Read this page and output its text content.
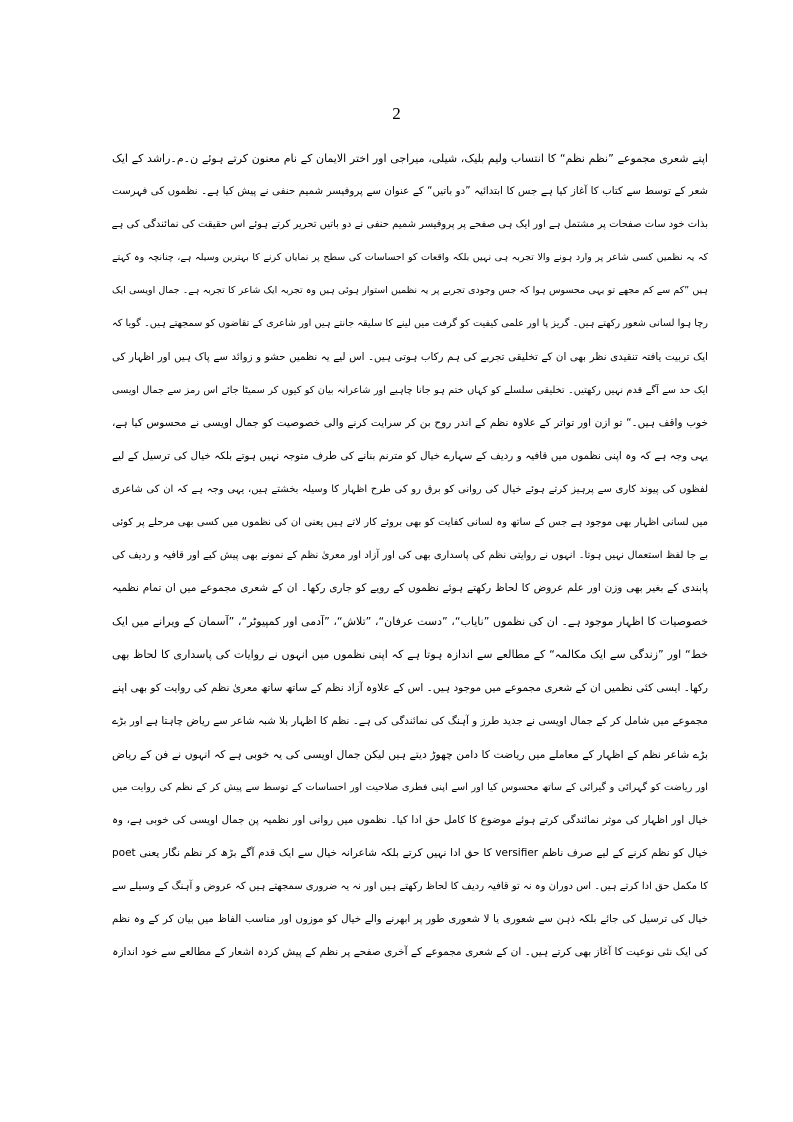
2
اپنے شعری مجموعے ”نظم نظم“ کا انتساب ولیم بلیک، شیلی، میراجی اور اختر الایمان کے نام معنون کرتے ہوئے ن۔م۔راشد کے ایک
شعر کے توسط سے کتاب کا آغاز کیا ہے جس کا ابتدائیہ ”دو باتیں“ کے عنوان سے پروفیسر شمیم حنفی نے پیش کیا ہے۔ نظموں کی فہرست
بذات خود سات صفحات پر مشتمل ہے اور ایک ہی صفحے پر پروفیسر شمیم حنفی نے دو باتیں تحریر کرتے ہوئے اس حقیقت کی نمائندگی کی ہے
کہ یہ نظمیں کسی شاعر پر وارد ہونے والا تجربہ ہی نہیں بلکہ واقعات کو احساسات کی سطح پر نمایاں کرنے کا بہترین وسیلہ ہے، چنانچہ وہ کہتے
ہیں ”کم سے کم مجھے تو یہی محسوس ہوا کہ جس وجودی تجربے پر یہ نظمیں استوار ہوئی ہیں وہ تجربہ ایک شاعر کا تجربہ ہے۔ جمال اویسی ایک
رچا ہوا لسانی شعور رکھتے ہیں۔ گریز پا اور علمی کیفیت کو گرفت میں لینے کا سلیقہ جانتے ہیں اور شاعری کے تقاضوں کو سمجھتے ہیں۔ گویا کہ
ایک تربیت یافتہ تنقیدی نظر بھی ان کے تخلیقی تجربے کی ہم رکاب ہوتی ہیں۔ اس لیے یہ نظمیں حشو و زوائد سے پاک ہیں اور اظہار کی
ایک حد سے آگے قدم نہیں رکھتیں۔ تخلیقی سلسلے کو کہاں ختم ہو جانا چاہیے اور شاعرانہ بیان کو کیوں کر سمیٹا جائے اس رمز سے جمال اویسی
خوب واقف ہیں۔“ تو ازن اور تواتر کے علاوہ نظم کے اندر روح بن کر سرایت کرنے والی خصوصیت کو جمال اویسی نے محسوس کیا ہے،
یہی وجہ ہے کہ وہ اپنی نظموں میں قافیہ و ردیف کے سہارے خیال کو مترنم بنانے کی طرف متوجہ نہیں ہوتے بلکہ خیال کی ترسیل کے لیے
لفظوں کی پیوند کاری سے پرہیز کرتے ہوئے خیال کی روانی کو برق رو کی طرح اظہار کا وسیلہ بخشتے ہیں، یہی وجہ ہے کہ ان کی شاعری
میں لسانی اظہار بھی موجود ہے جس کے ساتھ وہ لسانی کفایت کو بھی بروئے کار لاتے ہیں یعنی ان کی نظموں میں کسی بھی مرحلے پر کوئی
بے جا لفظ استعمال نہیں ہوتا۔ انہوں نے روایتی نظم کی پاسداری بھی کی اور آزاد اور معریٰ نظم کے نمونے بھی پیش کیے اور قافیہ و ردیف کی
پابندی کے بغیر بھی وزن اور علم عروض کا لحاظ رکھتے ہوئے نظموں کے رویے کو جاری رکھا۔ ان کے شعری مجموعے میں ان تمام نظمیہ
خصوصیات کا اظہار موجود ہے۔ ان کی نظموں ”نایاب“، ”دست عرفان“، ”تلاش“، ”آدمی اور کمپیوٹر“، ”آسمان کے ویرانے میں ایک
خط“ اور ”زندگی سے ایک مکالمہ“ کے مطالعے سے اندازہ ہوتا ہے کہ اپنی نظموں میں انہوں نے روایات کی پاسداری کا لحاظ بھی
رکھا۔ ایسی کئی نظمیں ان کے شعری مجموعے میں موجود ہیں۔ اس کے علاوہ آزاد نظم کے ساتھ ساتھ معریٰ نظم کی روایت کو بھی اپنے
مجموعے میں شامل کر کے جمال اویسی نے جدید طرز و آہنگ کی نمائندگی کی ہے۔ نظم کا اظہار بلا شبہ شاعر سے ریاض چاہتا ہے اور بڑے
بڑے شاعر نظم کے اظہار کے معاملے میں ریاضت کا دامن چھوڑ دیتے ہیں لیکن جمال اویسی کی یہ خوبی ہے کہ انہوں نے فن کے ریاض
اور ریاضت کو گہرائی و گیرائی کے ساتھ محسوس کیا اور اسے اپنی فطری صلاحیت اور احساسات کے توسط سے پیش کر کے نظم کی روایت میں
خیال اور اظہار کی موثر نمائندگی کرتے ہوئے موضوع کا کامل حق ادا کیا۔ نظموں میں روانی اور نظمیہ پن جمال اویسی کی خوبی ہے، وہ
خیال کو نظم کرنے کے لیے صرف ناظم versifier کا حق ادا نہیں کرتے بلکہ شاعرانہ خیال سے ایک قدم آگے بڑھ کر نظم نگار یعنی poet
کا مکمل حق ادا کرتے ہیں۔ اس دوران وہ نہ تو قافیہ ردیف کا لحاظ رکھتے ہیں اور نہ یہ ضروری سمجھتے ہیں کہ عروض و آہنگ کے وسیلے سے
خیال کی ترسیل کی جائے بلکہ ذہن سے شعوری یا لا شعوری طور پر ابھرنے والے خیال کو موزوں اور مناسب الفاظ میں بیان کر کے وہ نظم
کی ایک نئی نوعیت کا آغاز بھی کرتے ہیں۔ ان کے شعری مجموعے کے آخری صفحے پر نظم کے پیش کردہ اشعار کے مطالعے سے خود اندازہ
